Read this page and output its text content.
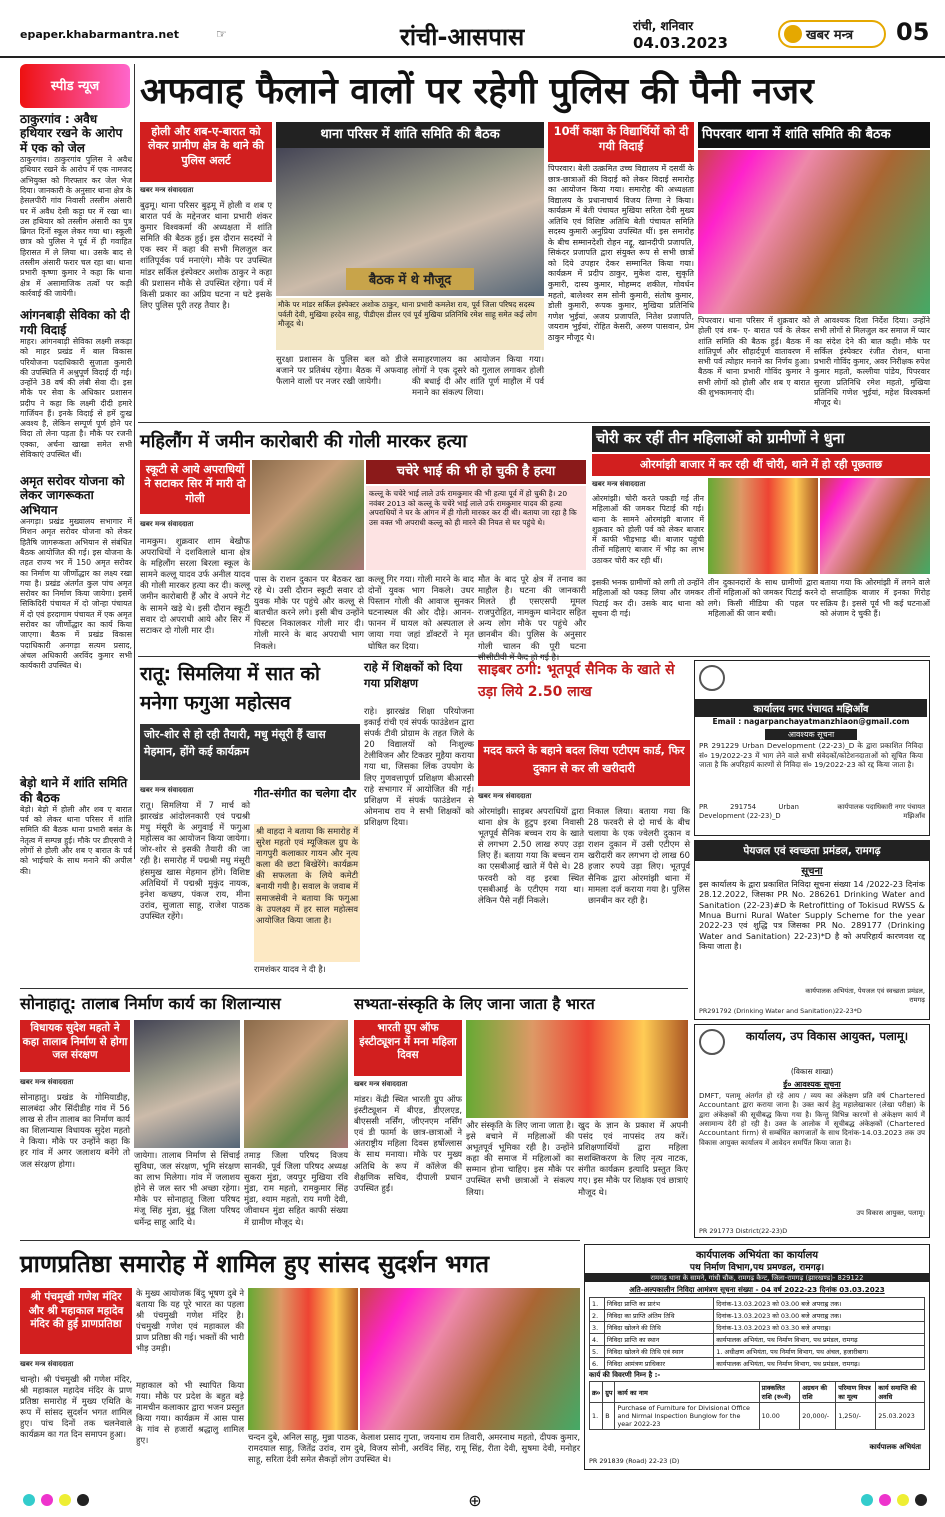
epaper.khabarmantra.net	☞	रांची-आसपास	रांची, शनिवार
04.03.2023	खबर मन्त्र 05
स्पीड न्यूज
ठाकुरगांव : अवैध हथियार रखने के आरोप में एक को जेल
ठाकुरगांव। ठाकुरगांव पुलिस ने अवैध हथियार रखने के आरोप में एक नामजद अभियुक्त को गिरफ्तार कर जेल भेज दिया। जानकारी के अनुसार थाना क्षेत्र के हेसलपीरी गांव निवासी तस्लीम अंसारी घर में अवैध देसी कट्टा घर में रखा था। उस हथियार को तस्लीम अंसारी का पुत्र ब्रिगत दिनों स्कूल लेकर गया था। स्कूली छात्र को पुलिस ने पूर्व में ही गवाहित हिरासत में ले लिया था। उसके बाद से तस्लीम अंसारी फरार चल रहा था। थाना प्रभारी कृष्णा कुमार ने कहा कि थाना क्षेत्र में असामाजिक तत्वों पर कड़ी कार्रवाई की जायेगी।
आंगनबाड़ी सेविका को दी गयी विदाई
माहर। आंगनबाड़ी सेविका लक्ष्मी लकड़ा को माहर प्रखंड में बाल विकास परियोजना पदाधिकारी सुजाता कुमारी की उपस्थिति में अश्रुपूर्ण विदाई दी गई। उन्होंने 38 वर्ष की लंबी सेवा दी। इस मौके पर सेवा के अधिकार प्रशासन प्रदीप ने कहा कि लक्ष्मी दीदी हमारे गार्जियन हैं। इनके विदाई से हमें दुःख अवश्य है, लेकिन सम्पूर्ण पूर्ण होने पर विदा तो लेना पड़ता है। मौके पर रजनी एक्का, अर्चना खाखा समेत सभी सेविकाएं उपस्थित थीं।
अमृत सरोवर योजना को लेकर जागरूकता अभियान
अनगड़ा। प्रखंड मुख्यालय सभागार में मिशन अमृत सरोवर योजना को लेकर हितैषि जागरूकता अभियान से संबंधित बैठक आयोजित की गई। इस योजना के तहत राज्य भर में 150 अमृत सरोवर का निर्माण या जीर्णोद्धार का लक्ष्य रखा गया है। प्रखंड अंतर्गत कुल पांच अमृत सरोवर का निर्माण किया जायेगा। इसमें सिकिदिरी पंचायत में दो जोन्हा पंचायत में दो एवं हरदागाम पंचायत में एक अमृत सरोवर का जीर्णोद्धार का कार्य किया जाएगा। बैठक में प्रखंड विकास पदाधिकारी अनगड़ा सत्यम प्रसाद, अंचल अधिकारी अरविंद कुमार सभी कार्यकारी उपस्थित थे।
बेड़ो थाने में शांति समिति की बैठक
बेड़ो। बेड़ो में होली और शब ए बारात पर्व को लेकर थाना परिसर में शांति समिति की बैठक थाना प्रभारी बसंत के नेतृत्व में सम्पन्न हुई। मौके पर डीएसपी ने लोगों से होली और शब ए बारात के पर्व को भाईचारे के साथ मनाने की अपील की।
अफवाह फैलाने वालों पर रहेगी पुलिस की पैनी नजर
होली और शब-ए-बारात को लेकर ग्रामीण क्षेत्र के थाने की पुलिस अलर्ट
थाना परिसर में शांति समिति की बैठक
बैठक में थे मौजूद
मौके पर मांडर सर्किल इंस्पेक्टर अशोक ठाकुर, थाना प्रभारी कमलेश राय, पूर्व जिला परिषद सदस्य पर्वती देवी, मुखिया हरदेव साहू, पीडीएस डीलर एवं पूर्व मुखिया प्रतिनिधि रमेश साहू समेत कई लोग मौजूद थे।
खबर मन्त्र संवाददाता
बुढ़मू। थाना परिसर बुढ़मू में होली व शब ए बारात पर्व के मद्देनजर थाना प्रभारी शंकर कुमार विश्वकर्मा की अध्यक्षता में शांति समिति की बैठक हुई। इस दौरान सदस्यों ने एक स्वर में कहा की सभी मिलजुल कर शांतिपूर्वक पर्व मनाएंगे। मौके पर उपस्थित मांडर सर्किल इंस्पेक्टर अशोक ठाकुर ने कहा की प्रशासन मौके से उपस्थित रहेगा। पर्व में किसी प्रकार का अप्रिय घटना न घटे इसके लिए पुलिस पूरी तरह तैयार है।
सुरक्षा प्रशासन के पुलिस बल को डीजे बजाने पर प्रतिबंध रहेगा। बैठक में अफवाह फैलाने वालों पर नजर रखी जायेगी।
समाहरणालय का आयोजन किया गया। लोगों ने एक दूसरे को गुलाल लगाकर होली की बधाई दी और शांति पूर्ण माहौल में पर्व मनाने का संकल्प लिया।
10वीं कक्षा के विद्यार्थियों को दी गयी विदाई
पिपरवार। बेली उत्क्रमित उच्च विद्यालय में दसवीं के छात्र-छात्राओं की विदाई को लेकर विदाई समारोह का आयोजन किया गया। समारोह की अध्यक्षता विद्यालय के प्रधानाचार्य विजय तिग्गा ने किया। कार्यक्रम में बेती पंचायत मुखिया सरिता देवी मुख्य अतिथि एवं विशिष्ट अतिथि बेती पंचायत समिति सदस्य कुमारी अनुप्रिया उपस्थित थीं। इस समारोह के बीच सम्मानदेशी रोहन नद्दू, खानदीपी प्रजापति, सिकंदर प्रजापति द्वारा संयुक्त रूप से सभी छात्रों को दिये उपहार देकर सम्मानित किया गया। कार्यक्रम में प्रदीप ठाकुर, मुकेश दास, सुकृति कुमारी, दास्य कुमार, मोहम्मद शकील, गोवर्धन महतो, बालेश्वर सम सोनी कुमारी, संतोष कुमार, डोली कुमारी, रूपक कुमार, मुखिया प्रतिनिधि गणेश भुईयां, अजय प्रजापति, नितेश प्रजापति, जयराम भुईयां, रोहित केसरी, अरुण पासवान, प्रेम ठाकुर मौजूद थे।
पिपरवार थाना में शांति समिति की बैठक
पिपरवार। थाना परिसर में शुक्रवार को होली एवं शब- ए- बारात पर्व के लेकर शांति समिति की बैठक हुई। बैठक में शांतिपूर्ण और सौहार्दपूर्ण वातावरण में सभी पर्व त्योहार मनाने का निर्णय हुआ। बैठक में थाना प्रभारी गोविंद कुमार ने सभी लोगों को होली और शब ए बारात की शुभकामनाएं दी।
ले आवश्यक दिशा निर्देश दिया। उन्होंने सभी लोगों से मिलजुल कर समाज में प्यार का संदेश देने की बात कही। मौके पर सर्किल इंस्पेक्टर रंजीत रोशन, थाना प्रभारी गोविंद कुमार, अवर निरीक्षक रुपेश कुमार महतो, कल्लीया पांडेय, पिपरवार सुरजा प्रतिनिधि रमेश महतो, मुखिया प्रतिनिधि गणेश भुईयां, महेश विश्वकर्मा मौजूद थे।
महिलौंग में जमीन कारोबारी की गोली मारकर हत्या
स्कूटी से आये अपराधियों ने सटाकर सिर में मारी दो गोली
चचेरे भाई की भी हो चुकी है हत्या
कल्लू के चचेरे भाई लाले उर्फ रामकुमार की भी हत्या पूर्व में हो चुकी है। 20 नवंबर 2013 को कल्लू के चचेरे भाई लाले उर्फ रामकुमार यादव की हत्या अपराधियों ने घर के आंगन में ही गोली मारकर कर दी थी। बताया जा रहा है कि उस वक्त भी अपराधी कल्लू को ही मारने की नियत से घर पहुंचे थे।
खबर मन्त्र संवाददाता
नामकुम। शुक्रवार शाम बेखौफ अपराधियों ने दशविलाले थाना क्षेत्र के महिलौंग सरला बिरला स्कूल के सामने कल्लू यादव उर्फ अनील यादव की गोली मारकर हत्या कर दी। कल्लू जमीन कारोबारी हैं और वे अपने गेट के सामने खड़े थे। इसी दौरान स्कूटी सवार दो अपराधी आये और सिर में सटाकर दो गोली मार दी।
पास के राशन दुकान पर बैठकर खा रहे थे। उसी दौरान स्कूटी सवार दो युवक मौके पर पहुंचे और कल्लू से बातचीत करने लगे। इसी बीच उन्होंने पिस्टल निकालकर गोली मार दी। गोली मारने के बाद अपराधी भाग निकले।
कल्लू गिर गया। गोली मारने के बाद दोनों युवक भाग निकले। उधर पिस्तान गोली की आवाज सुनकर घटनास्थल की ओर दौड़े। आनन-फानन में घायल को अस्पताल ले जाया गया जहां डॉक्टरों ने मृत घोषित कर दिया।
मौत के बाद पूरे क्षेत्र में तनाव का माहौल है। घटना की जानकारी मिलते ही एसएसपी मूमल राजपुरोहित, नामकुम थानेदार सहित अन्य लोग मौके पर पहुंचे और छानबीन की। पुलिस के अनुसार गोली चालन की पूरी घटना
चोरी कर रहीं तीन महिलाओं को ग्रामीणों ने धुना
ओरमांझी बाजार में कर रही थीं चोरी, थाने में हो रही पूछताछ
खबर मन्त्र संवाददाता
ओरमांझी। चोरी करते पकड़ी गई तीन महिलाओं की जमकर पिटाई की गई। थाना के सामने ओरमांझी बाजार में शुक्रवार को होली पर्व को लेकर बाजार में काफी भीड़भाड़ थी। बाजार पहुंची तीनों महिलाएं बाजार में भीड़ का लाभ उठाकर चोरी कर रही थीं।
इसकी भनक ग्रामीणों को लगी तो उन्होंने महिलाओं को पकड़ लिया और जमकर पिटाई कर दी। उसके बाद थाना को सूचना दी गई।
तीन दुकानदारों के साथ ग्रामीणों द्वारा तीनों महिलाओं को जमकर पिटाई करने लगे। किसी मीडिया की पहल पर महिलाओं की जान बची।
बताया गया कि ओरमांझी में लगने वाले दो सप्ताहिक बाजार में इनका गिरोह सक्रिय है। इससे पूर्व भी कई घटनाओं को अंजाम दे चुकी हैं।
रातू: सिमलिया में सात को मनेगा फगुआ महोत्सव
जोर-शोर से हो रही तैयारी, मधु मंसूरी हैं खास मेहमान, होंगे कई कार्यक्रम
खबर मन्त्र संवाददाता
रातू। सिमलिया में 7 मार्च को झारखंड आंदोलनकारी एवं पद्मश्री मधु मंसूरी के अगुवाई में फगुआ महोत्सव का आयोजन किया जायेगा। जोर-शोर से इसकी तैयारी की जा रही है। समारोह में पद्मश्री मधु मंसूरी हंसमुख खास मेहमान होंगे। विशिष्ट अतिथियों में पद्मश्री मुकुंद नायक, इनेश कच्छप, पंकज राय, मीना उरांव, सुजाता साहू, राजेश पाठक उपस्थित रहेंगे।
गीत-संगीत का चलेगा दौर
श्री वाहदा ने बताया कि समारोह में सुरेश महतो एवं म्यूजिकल ग्रुप के नागपुरी कलाकार गायन और नृत्य कला की छटा बिखेरेंगे। कार्यक्रम की सफलता के लिये कमेटी बनायी गयी है। सवाल के जवाब में समाजसेवी ने बताया कि फगुआ के उपलक्ष्य में हर साल महोत्सव आयोजित किया जाता है।
रामशंकर यादव ने दी है।
राहे में शिक्षकों को दिया गया प्रशिक्षण
राहे। झारखंड शिक्षा परियोजना इकाई रांची एवं संपर्क फाउंडेशन द्वारा संपर्क टीवी प्रोग्राम के तहत जिले के 20 विद्यालयों को निःशुल्क टेलीविजन और टिकडर मुहैया कराया गया था, जिसका लिंक उपयोग के लिए गुणवत्तापूर्ण प्रशिक्षण बीआरसी राहे सभागार में आयोजित की गई। प्रशिक्षण में संपर्क फाउंडेशन से ओमनाथ राय ने सभी शिक्षकों को प्रशिक्षण दिया।
साइबर ठगी: भूतपूर्व सैनिक के खाते से उड़ा लिये 2.50 लाख
मदद करने के बहाने बदल लिया एटीएम कार्ड, फिर दुकान से कर ली खरीदारी
खबर मन्त्र संवाददाता
ओरमांझी। साइबर अपराधियों द्वारा थाना क्षेत्र के हुटुप इरबा निवासी भूतपूर्व सैनिक बच्चन राय के खाते से लगभग 2.50 लाख रुपए उड़ा लिए हैं। बताया गया कि बच्चन राम का एसबीआई खाते में पैसे थे। 28 फरवरी को वह इरबा स्थित एसबीआई के एटीएम गया था। लेकिन पैसे नहीं निकले।
निकाल लिया। बताया गया कि 28 फरवरी से दो मार्च के बीच चलाया के एक ज्वेलरी दुकान व राशन दुकान में उसी एटीएम से खरीदारी कर लगभग दो लाख 60 हजार रुपये उड़ा लिए। भूतपूर्व सैनिक द्वारा ओरमांझी थाना में मामला दर्ज कराया गया है। पुलिस छानबीन कर रही है।
कार्यालय नगर पंचायत मझिआँव
Email : nagarpanchayatmanzhiaon@gmail.com
आवश्यक सूचना
PR 291229 Urban Development (22-23)_D के द्वारा प्रकाशित निविदा सं० 19/2022-23 में भाग लेने वाले सभी संवेदकों/कोटेशनदाताओं को सूचित किया जाता है कि अपरिहार्य कारणों से निविदा सं० 19/2022-23 को रद्द किया जाता है।
PR 291754 Urban Development (22-23)_D
कार्यपालक पदाधिकारी नगर पंचायत मझिआँव
पेयजल एवं स्वच्छता प्रमंडल, रामगढ़
सूचना
इस कार्यालय के द्वारा प्रकाशित निविदा सूचना संख्या 14 /2022-23 दिनांक 28.12.2022, जिसका PR No. 286261 Drinking Water and Sanitation (22-23)#D के Retrofitting of Tokisud RWSS & Mnua Burni Rural Water Supply Scheme for the year 2022-23 एवं शुद्धि पत्र जिसका PR No. 289177 (Drinking Water and Sanitation) 22-23)*D है को अपरिहार्य कारणवश रद्द किया जाता है।
कार्यपालक अभियंता, पेयजल एवं स्वच्छता प्रमंडल, रामगढ़
PR291792 (Drinking Water and Sanitation)22-23*D
सोनाहातू: तालाब निर्माण कार्य का शिलान्यास
विधायक सुदेश महतो ने कहा तालाब निर्माण से होगा जल संरक्षण
खबर मन्त्र संवाददाता
सोनाहातु। प्रखंड के गोमियाडीह, सालबंदा और सिंदीडीह गांव में 56 लाख से तीन तालाब का निर्माण कार्य का शिलान्यास विधायक सुदेश महतो ने किया। मौके पर उन्होंने कहा कि हर गांव में अगर जलाशय बनेंगे तो जल संरक्षण होगा।
जायेगा। तालाब निर्माण से सिंचाई सुविधा, जल संरक्षण, भूमि संरक्षण का लाभ मिलेगा। गांव में जलाशय होने से जल स्तर भी अच्छा रहेगा। मौके पर सोनाहातू जिला परिषद मंजू सिंह मुंडा, बुंडू जिला परिषद धर्मेन्द्र साहू आदि थे।
तमाड़ जिला परिषद विजय सानकी, पूर्व जिला परिषद अध्यक्ष सुकरा मुंडा, जयपुर मुखिया रवि मुंडा, राम महतो, रामकुमार सिंह मुंडा, श्याम महतो, राय मणी देवी, जीवाधन मुंडा सहित काफी संख्या में ग्रामीण मौजूद थे।
सभ्यता-संस्कृति के लिए जाना जाता है भारत
भारती ग्रुप ऑफ इंस्टीट्यूशन में मना महिला दिवस
खबर मन्त्र संवाददाता
मांडर। केंद्री स्थित भारती ग्रुप ऑफ इंस्टीट्यूशन में बीएड, डीएलएड, बीएससी नर्सिंग, जीएनएम नर्सिंग एवं डी फार्मा के छात्र-छात्राओं ने अंतराष्ट्रीय महिला दिवस हर्षोल्लास के साथ मनाया। मौके पर मुख्य अतिथि के रूप में कॉलेज की शैक्षणिक सचिव, दीपाली प्रधान उपस्थित हुईं।
और संस्कृति के लिए जाना जाता है। इसे बचाने में महिलाओं की अभूतपूर्व भूमिका रही है। उन्होंने कहा की समाज में महिलाओं का सम्मान होना चाहिए। इस मौके पर उपस्थित सभी छात्राओं ने संकल्प लिया।
खुद के ज्ञान के प्रकाश में अपनी पसंद एवं नापसंद तय करें। प्रशिक्षणार्थियों द्वारा महिला सशक्तिकरण के लिए नृत्य नाटक, संगीत कार्यक्रम इत्यादि प्रस्तुत किए गए। इस मौके पर शिक्षक एवं छात्राएं मौजूद थे।
कार्यालय, उप विकास आयुक्त, पलामू।
(विकास शाखा)
ई० आवश्यक सूचना
DMFT, पलामू अंतर्गत हो रहे आय / व्यय का अंकेक्षण प्रति वर्ष Chartered Accountant द्वारा कराया जाना है। उक्त कार्य हेतु महालेखाकार (लेखा परीक्षा) के द्वारा अंकेक्षकों की सूचीबद्ध किया गया है। किन्तु विभिन्न कारणों से अंकेक्षण कार्य में असामान्य देरी हो रही है। उक्त के आलोक में सूचीबद्ध अंकेक्षकों (Chartered Accountant firm) से सम्बंधित कागजातों के साथ दिनांक-14.03.2023 तक उप विकास आयुक्त कार्यालय में आवेदन समर्पित किया जाता है।
उप विकास आयुक्त, पलामू।
PR 291773 District(22-23)D
प्राणप्रतिष्ठा समारोह में शामिल हुए सांसद सुदर्शन भगत
श्री पंचमुखी गणेश मंदिर और श्री महाकाल महादेव मंदिर की हुई प्राणप्रतिष्ठा
खबर मन्त्र संवाददाता
चान्हो। श्री पंचमुखी श्री गणेश मंदिर, श्री महाकाल महादेव मंदिर के प्राण प्रतिष्ठा समारोह में मुख्य एथिति के रूप में सांसद सुदर्शन भगत शामिल हुए। पांच दिनों तक चलनेवाले कार्यक्रम का गत दिन समापन हुआ।
के मुख्य आयोजक बिंदु भूषण दुबे ने बताया कि यह पूरे भारत का पहला श्री पंचमुखी गणेश मंदिर है। पंचमुखी गणेश एवं महाकाल की प्राण प्रतिष्ठा की गई। भक्तों की भारी भीड़ उमड़ी।
महाकाल को भी स्थापित किया गया। मौके पर प्रदेश के बहुत बड़े नामचीन कलाकार द्वारा भजन प्रस्तुत किया गया। कार्यक्रम में आस पास के गांव से हजारों श्रद्धालु शामिल हुए।	चन्दन दुबे, अनिल साहू, मुन्ना पाठक, केलाश प्रसाद गुप्ता, जयनाथ राम तिवारी, अमरनाथ महतो, दीपक कुमार, रामदयाल साहू, जितेंद्र उरांव, राम दुबे, विजय सोनी, अरविंद सिंह, रामू सिंह, रीता देवी, सुषमा देवी, मनोहर साहू, सरिता देवी समेत सैकड़ों लोग उपस्थित थे।
कार्यपालक अभियंता का कार्यालय
पथ निर्माण विभाग,पथ प्रमण्डल, रामगढ़।
रामगढ़ थाना के सामने, गांधी चौक, रामगढ़ कैन्ट, जिला-रामगढ़ (झारखण्ड)- 829122
अति-अल्पकालीन निविदा आमंत्रण सूचना संख्या - 04 वर्ष 2022-23 दिनांक 03.03.2023
1.	निविदा प्राप्ति का प्रारंभ	दिनांक-13.03.2023 को 03.00 बजे अपराह्न तक।
2.	निविदा का प्राप्ति अंतिम तिथि	दिनांक-13.03.2023 को 03.00 बजे अपराह्न तक।
3.	निविदा खोलने की तिथि	दिनांक-13.03.2023 को 03.30 बजे अपराह्न।
4.	निविदा प्राप्ति का स्थान	कार्यपालक अभियंता, पथ निर्माण विभाग, पथ प्रमंडल, रामगढ़
5.	निविदा खोलने की तिथि एवं स्थान	1. अधीक्षण अभियंता, पथ निर्माण विभाग, पथ अंचल, हजारीबाग।
6.	निविदा आमंत्रण प्राधिकार	कार्यपालक अभियंता, पथ निर्माण विभाग, पथ प्रमंडल, रामगढ़।
कार्य की विवरणी निम्न है :-
क्र०	ग्रुप	कार्य का नाम	प्राक्कलित राशि (रु०में)	अग्रधन की राशि	परिमाण विपत्र का मूल्य	कार्य समाप्ति की अवधि
1.	B	Purchase of Furniture for Divisional Office and Nirmal Inspection Bunglow for the year 2022-23	10.00	20,000/-	1,250/-	25.03.2023
कार्यपालक अभियंता
PR 291839 (Road) 22-23 (D)
⊕
